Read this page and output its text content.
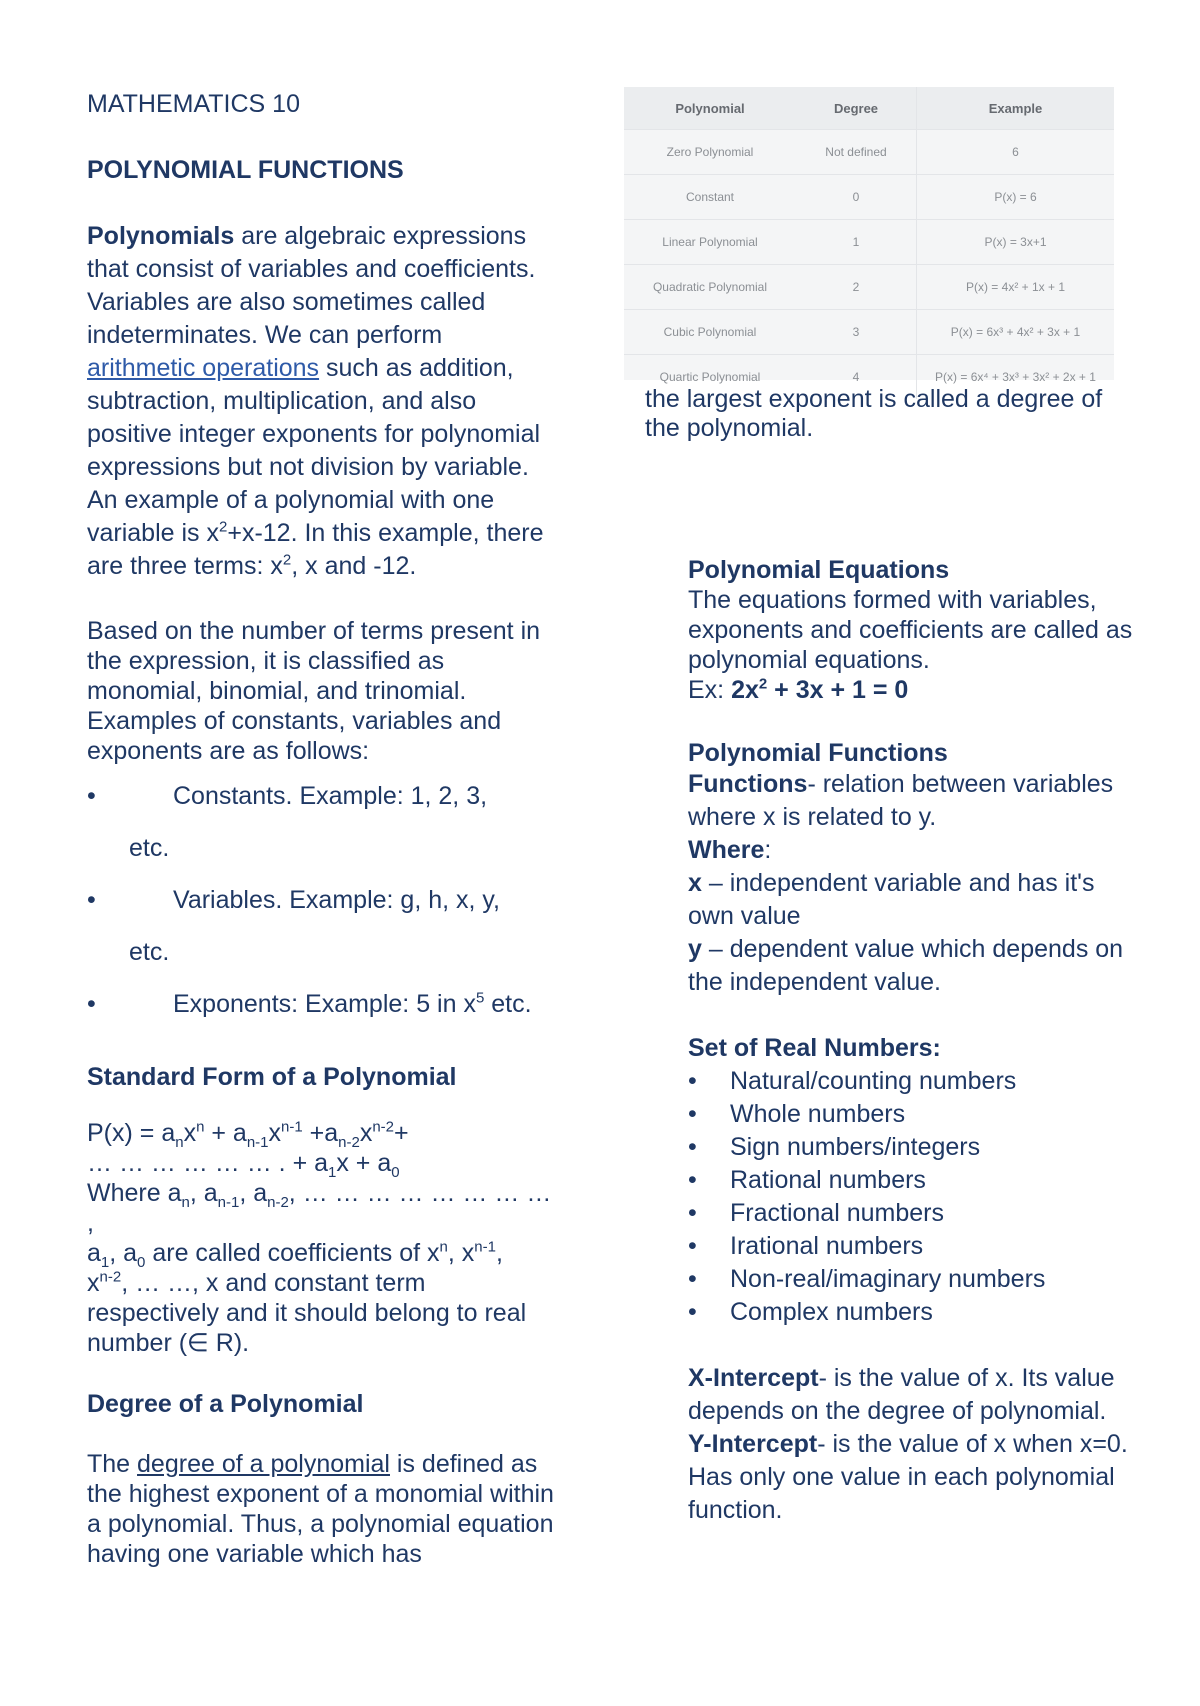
MATHEMATICS 10

POLYNOMIAL FUNCTIONS

Polynomials are algebraic expressions that consist of variables and coefficients. Variables are also sometimes called indeterminates. We can perform arithmetic operations such as addition, subtraction, multiplication, and also positive integer exponents for polynomial expressions but not division by variable. An example of a polynomial with one variable is $x^2+x-12$. In this example, there are three terms: $x^2$, x and -12.

Based on the number of terms present in the expression, it is classified as monomial, binomial, and trinomial. Examples of constants, variables and exponents are as follows:

•	Constants. Example: 1, 2, 3,
etc.
•	Variables. Example: g, h, x, y,
etc.
•	Exponents: Example: 5 in $x^5$ etc.

Standard Form of a Polynomial

$P(x) = a_nx^n + a_{n-1}x^{n-1} +a_{n-2}x^{n-2}+$
… … … … … … . + $a_1x + a_0$
Where $a_n$, $a_{n-1}$, $a_{n-2}$, … … … … … … … … ,
$a_1$, $a_0$ are called coefficients of $x^n$, $x^{n-1}$,
$x^{n-2}$, … …, x and constant term respectively and it should belong to real number (∈ R).

Degree of a Polynomial

The degree of a polynomial is defined as the highest exponent of a monomial within a polynomial. Thus, a polynomial equation having one variable which has

Polynomial	Degree	Example
Zero Polynomial	Not defined	6
Constant	0	P(x) = 6
Linear Polynomial	1	P(x) = 3x+1
Quadratic Polynomial	2	P(x) = 4x² + 1x + 1
Cubic Polynomial	3	P(x) = 6x³ + 4x² + 3x + 1
Quartic Polynomial	4	P(x) = 6x⁴ + 3x³ + 3x² + 2x + 1

the largest exponent is called a degree of the polynomial.

Polynomial Equations

The equations formed with variables, exponents and coefficients are called as polynomial equations.

Ex: $2x^2 + 3x + 1 = 0$

Polynomial Functions

Functions- relation between variables where x is related to y.

Where:

x – independent variable and has it's own value

y – dependent value which depends on the independent value.

Set of Real Numbers:

• Natural/counting numbers
• Whole numbers
• Sign numbers/integers
• Rational numbers
• Fractional numbers
• Irational numbers
• Non-real/imaginary numbers
• Complex numbers

X-Intercept- is the value of x. Its value depends on the degree of polynomial.

Y-Intercept- is the value of x when x=0. Has only one value in each polynomial function.
